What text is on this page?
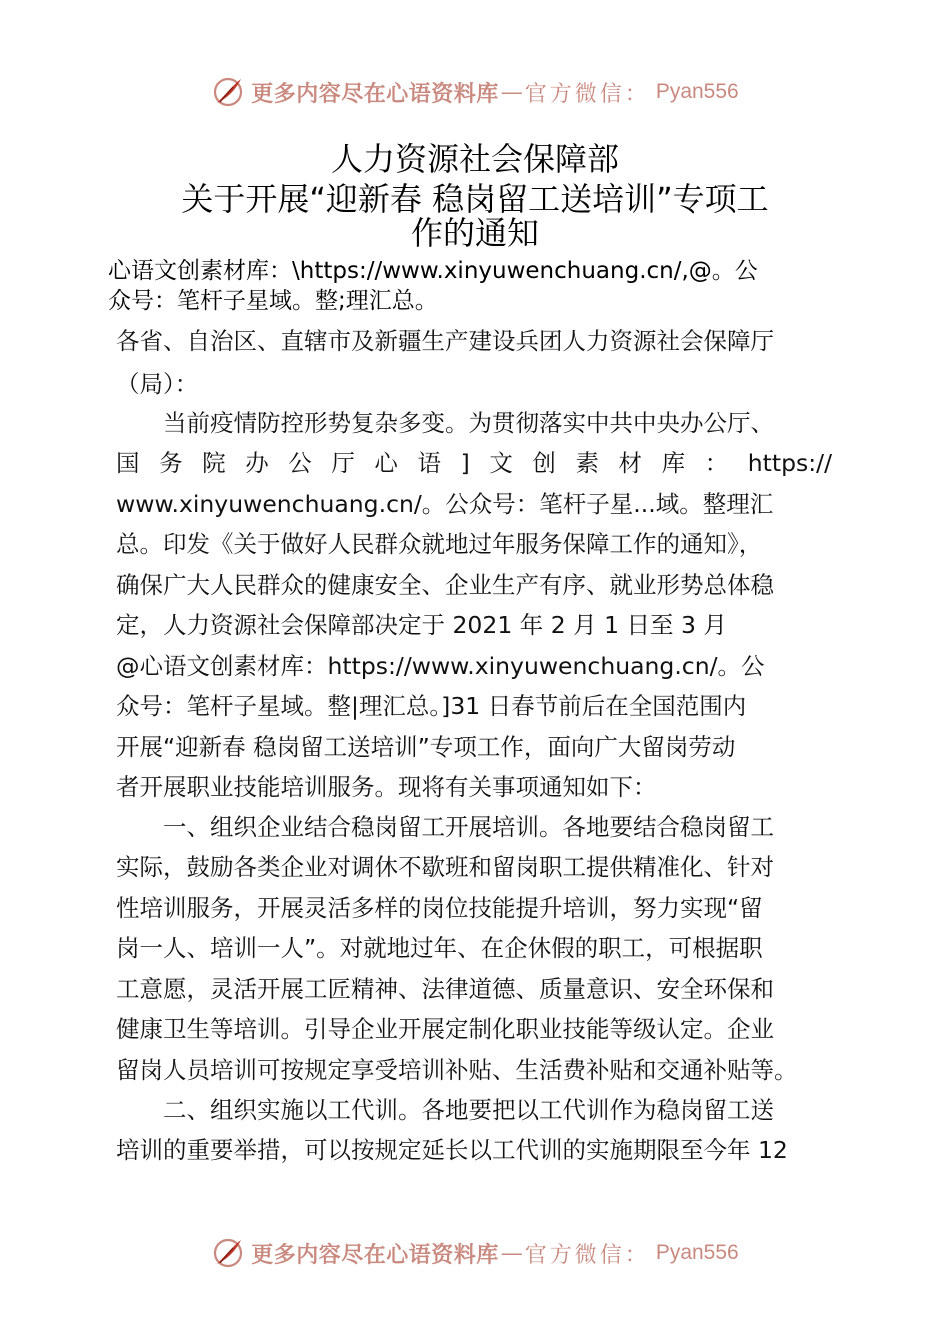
更多内容尽在心语资料库 — 官方微信： Pyan556
人力资源社会保障部
关于开展“迎新春 稳岗留工送培训”专项工
作的通知
心语文创素材库：\https://www.xinyuwenchuang.cn/,@。公
众号：笔杆子星域。整;理汇总。
各省、自治区、直辖市及新疆生产建设兵团人力资源社会保障厅
（局）：
当前疫情防控形势复杂多变。为贯彻落实中共中央办公厅、
国务院办公厅心语]文创素材库：https://
www.xinyuwenchuang.cn/。公众号：笔杆子星...域。整理汇
总。印发《关于做好人民群众就地过年服务保障工作的通知》，
确保广大人民群众的健康安全、企业生产有序、就业形势总体稳
定，人力资源社会保障部决定于 2021 年 2 月 1 日至 3 月
@心语文创素材库：https://www.xinyuwenchuang.cn/。公
众号：笔杆子星域。整|理汇总。]31 日春节前后在全国范围内
开展“迎新春 稳岗留工送培训”专项工作，面向广大留岗劳动
者开展职业技能培训服务。现将有关事项通知如下：
一、组织企业结合稳岗留工开展培训。各地要结合稳岗留工
实际，鼓励各类企业对调休不歇班和留岗职工提供精准化、针对
性培训服务，开展灵活多样的岗位技能提升培训，努力实现“留
岗一人、培训一人”。对就地过年、在企休假的职工，可根据职
工意愿，灵活开展工匠精神、法律道德、质量意识、安全环保和
健康卫生等培训。引导企业开展定制化职业技能等级认定。企业
留岗人员培训可按规定享受培训补贴、生活费补贴和交通补贴等。
二、组织实施以工代训。各地要把以工代训作为稳岗留工送
培训的重要举措，可以按规定延长以工代训的实施期限至今年 12
更多内容尽在心语资料库 — 官方微信： Pyan556
